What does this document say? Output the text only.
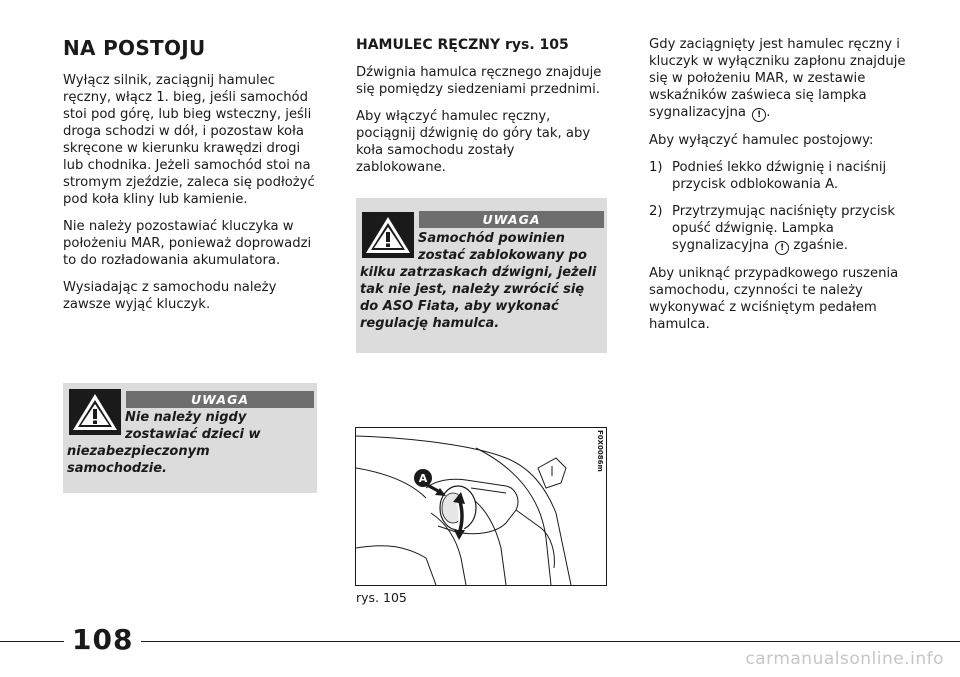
NA POSTOJU

Wyłącz silnik, zaciągnij hamulec ręczny, włącz 1. bieg, jeśli samochód stoi pod górę, lub bieg wsteczny, jeśli droga schodzi w dół, i pozostaw koła skręcone w kierunku krawędzi drogi lub chodnika. Jeżeli samochód stoi na stromym zjeździe, zaleca się podłożyć pod koła kliny lub kamienie.

Nie należy pozostawiać kluczyka w położeniu MAR, ponieważ doprowadzi to do rozładowania akumulatora.

Wysiadając z samochodu należy zawsze wyjąć kluczyk.

UWAGA
Nie należy nigdy
zostawiać dzieci w
niezabezpieczonym samochodzie.
HAMULEC RĘCZNY rys. 105

Dźwignia hamulca ręcznego znajduje się pomiędzy siedzeniami przednimi.

Aby włączyć hamulec ręczny, pociągnij dźwignię do góry tak, aby koła samochodu zostały zablokowane.

UWAGA
Samochód powinien
zostać zablokowany po
kilku zatrzaskach dźwigni, jeżeli tak nie jest, należy zwrócić się do ASO Fiata, aby wykonać regulację hamulca.
A
F0X0086m
rys. 105

Gdy zaciągnięty jest hamulec ręczny i kluczyk w wyłączniku zapłonu znajduje się w położeniu MAR, w zestawie wskaźników zaświeca się lampka sygnalizacyjna ! .

Aby wyłączyć hamulec postojowy:

1) Podnieś lekko dźwignię i naciśnij przycisk odblokowania A.
2) Przytrzymując naciśnięty przycisk opuść dźwignię. Lampka sygnalizacyjna ! zgaśnie.

Aby uniknąć przypadkowego ruszenia samochodu, czynności te należy wykonywać z wciśniętym pedałem hamulca.

108
carmanualsonline.info
